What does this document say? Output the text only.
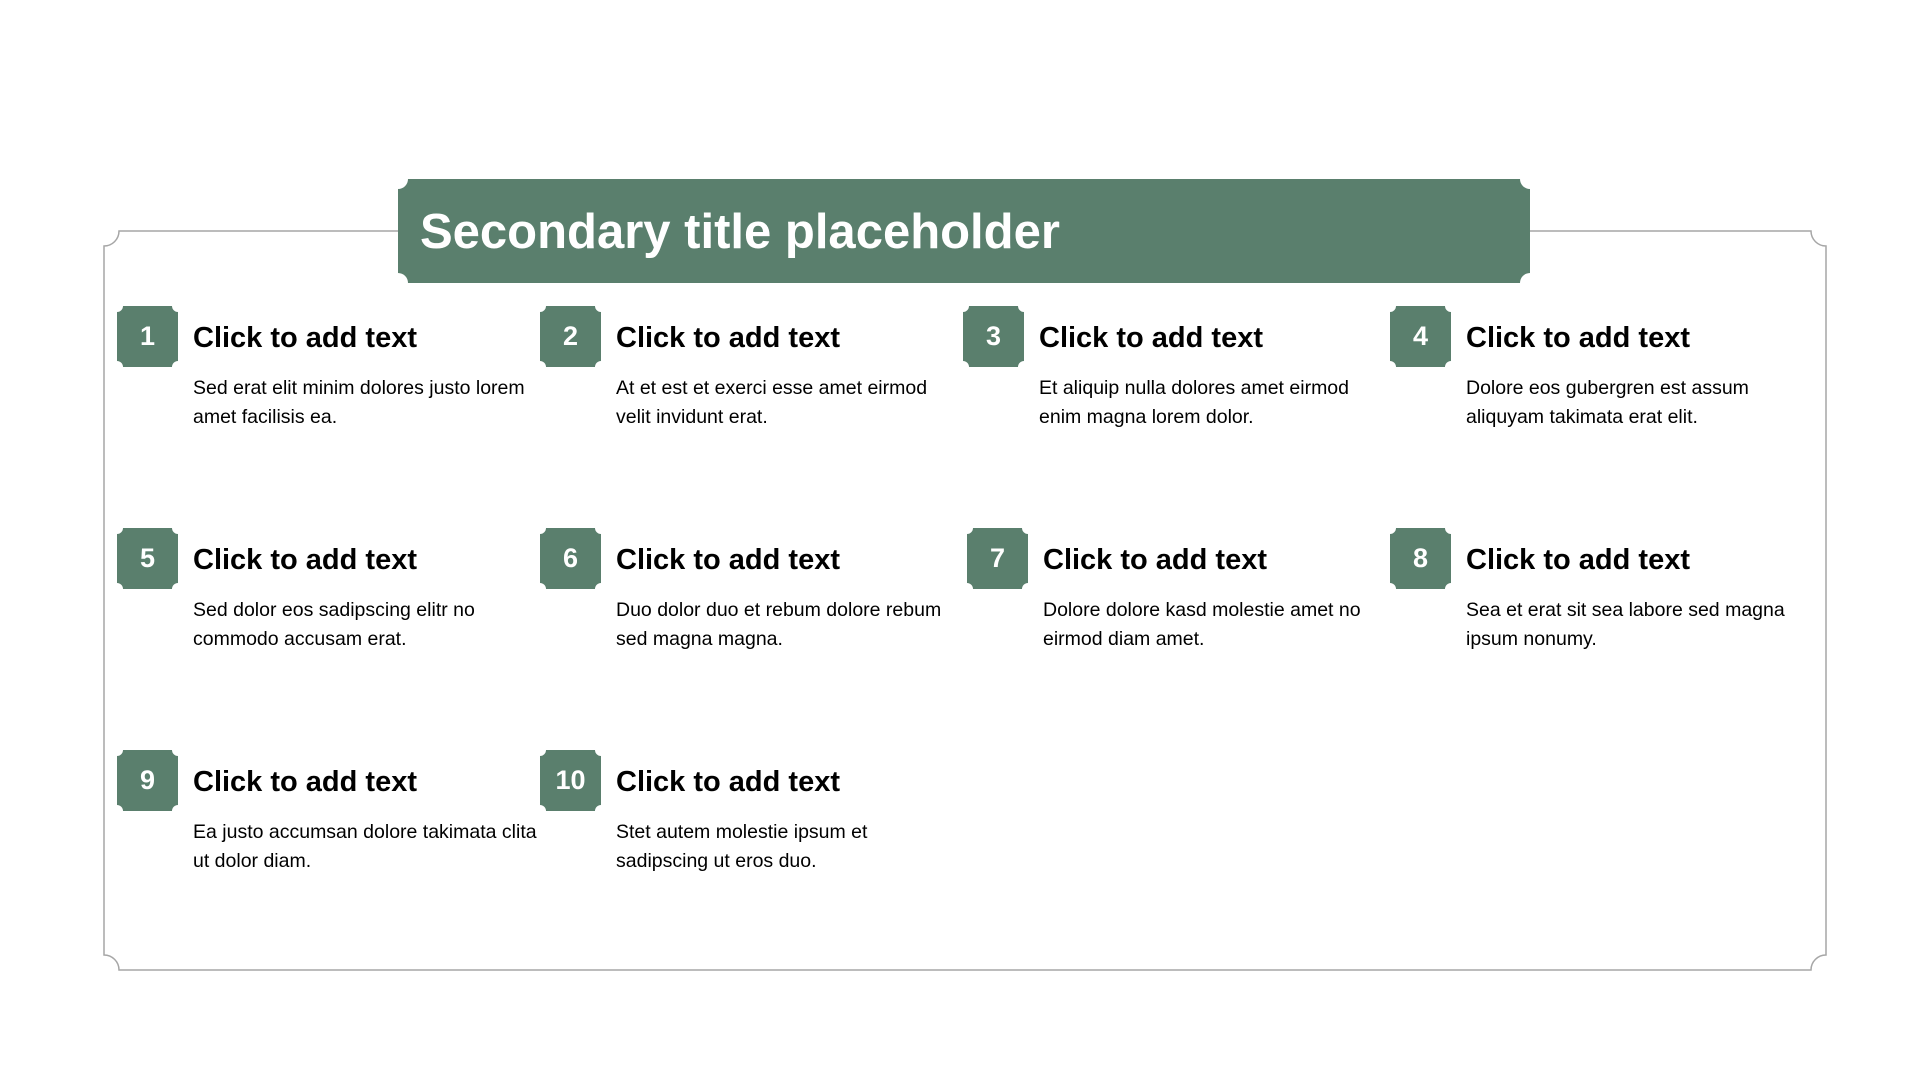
Secondary title placeholder
1	Click to add text
Sed erat elit minim dolores justo lorem amet facilisis ea.
2	Click to add text
At et est et exerci esse amet eirmod velit invidunt erat.
3	Click to add text
Et aliquip nulla dolores amet eirmod enim magna lorem dolor.
4	Click to add text
Dolore eos gubergren est assum aliquyam takimata erat elit.
5	Click to add text
Sed dolor eos sadipscing elitr no commodo accusam erat.
6	Click to add text
Duo dolor duo et rebum dolore rebum sed magna magna.
7	Click to add text
Dolore dolore kasd molestie amet no eirmod diam amet.
8	Click to add text
Sea et erat sit sea labore sed magna ipsum nonumy.
9	Click to add text
Ea justo accumsan dolore takimata clita ut dolor diam.
10	Click to add text
Stet autem molestie ipsum et sadipscing ut eros duo.
